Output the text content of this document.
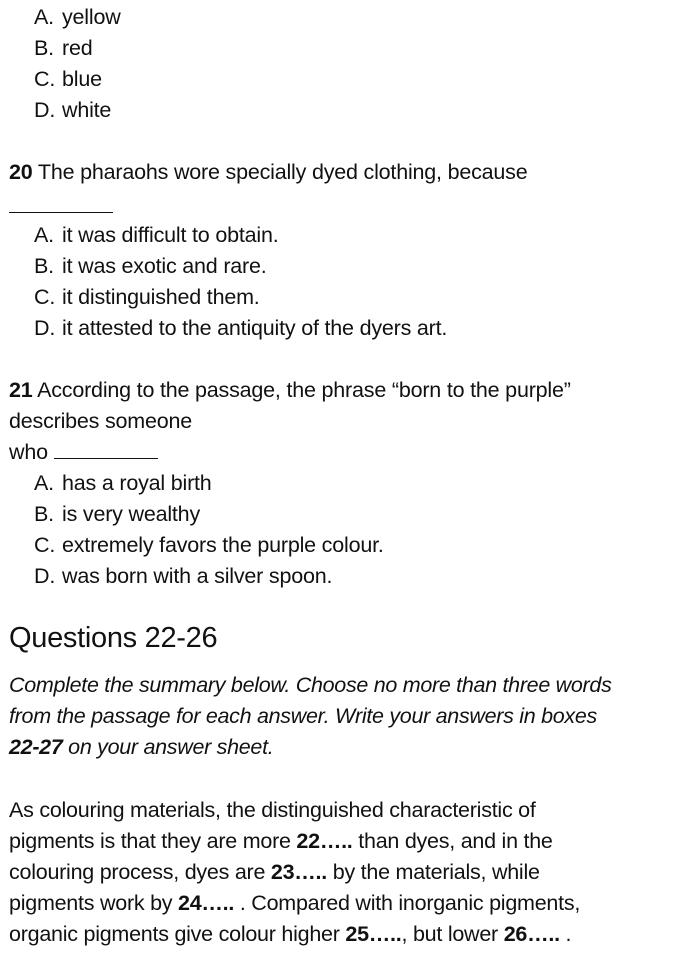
A. yellow
B. red
C. blue
D. white
20 The pharaohs wore specially dyed clothing, because
A. it was difficult to obtain.
B. it was exotic and rare.
C. it distinguished them.
D. it attested to the antiquity of the dyers art.
21 According to the passage, the phrase “born to the purple”
describes someone
who
A. has a royal birth
B. is very wealthy
C. extremely favors the purple colour.
D. was born with a silver spoon.
Questions 22-26
Complete the summary below. Choose no more than three words
from the passage for each answer. Write your answers in boxes
22-27 on your answer sheet.
As colouring materials, the distinguished characteristic of
pigments is that they are more 22….. than dyes, and in the
colouring process, dyes are 23….. by the materials, while
pigments work by 24….. . Compared with inorganic pigments,
organic pigments give colour higher 25….., but lower 26….. .
